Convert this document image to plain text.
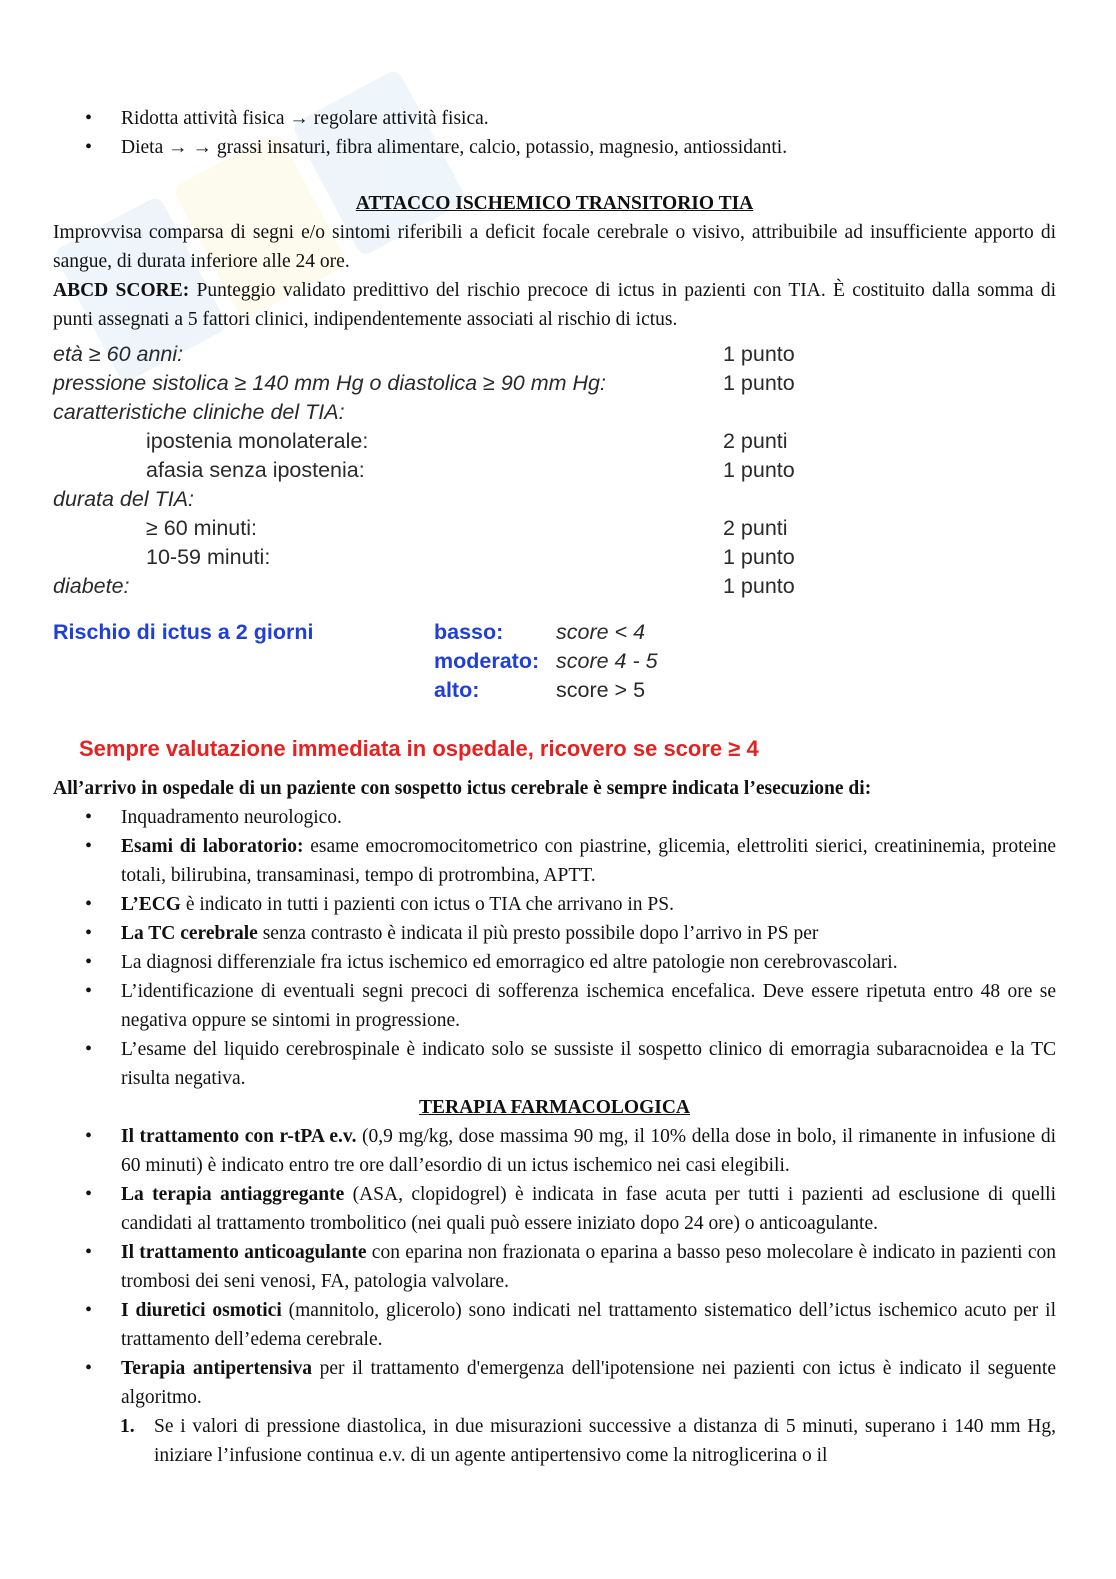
• Ridotta attività fisica → regolare attività fisica.
• Dieta → → grassi insaturi, fibra alimentare, calcio, potassio, magnesio, antiossidanti.
ATTACCO ISCHEMICO TRANSITORIO TIA

Improvvisa comparsa di segni e/o sintomi riferibili a deficit focale cerebrale o visivo, attribuibile ad insufficiente apporto di sangue, di durata inferiore alle 24 ore.

ABCD SCORE: Punteggio validato predittivo del rischio precoce di ictus in pazienti con TIA. È costituito dalla somma di punti assegnati a 5 fattori clinici, indipendentemente associati al rischio di ictus.

età ≥ 60 anni:	1 punto
pressione sistolica ≥ 140 mm Hg o diastolica ≥ 90 mm Hg:	1 punto
caratteristiche cliniche del TIA:
ipostenia monolaterale:	2 punti
afasia senza ipostenia:	1 punto
durata del TIA:
≥ 60 minuti:	2 punti
10-59 minuti:	1 punto
diabete:	1 punto
Rischio di ictus a 2 giorni	basso: score < 4
moderato: score 4 - 5
alto:	score > 5
Sempre valutazione immediata in ospedale, ricovero se score ≥ 4

All’arrivo in ospedale di un paziente con sospetto ictus cerebrale è sempre indicata l’esecuzione di:

• Inquadramento neurologico.
• Esami di laboratorio: esame emocromocitometrico con piastrine, glicemia, elettroliti sierici, creatininemia, proteine totali, bilirubina, transaminasi, tempo di protrombina, APTT.
• L’ECG è indicato in tutti i pazienti con ictus o TIA che arrivano in PS.
• La TC cerebrale senza contrasto è indicata il più presto possibile dopo l’arrivo in PS per
• La diagnosi differenziale fra ictus ischemico ed emorragico ed altre patologie non cerebrovascolari.
• L’identificazione di eventuali segni precoci di sofferenza ischemica encefalica. Deve essere ripetuta entro 48 ore se negativa oppure se sintomi in progressione.
• L’esame del liquido cerebrospinale è indicato solo se sussiste il sospetto clinico di emorragia subaracnoidea e la TC risulta negativa.
TERAPIA FARMACOLOGICA
• Il trattamento con r-tPA e.v. (0,9 mg/kg, dose massima 90 mg, il 10% della dose in bolo, il rimanente in infusione di 60 minuti) è indicato entro tre ore dall’esordio di un ictus ischemico nei casi elegibili.
• La terapia antiaggregante (ASA, clopidogrel) è indicata in fase acuta per tutti i pazienti ad esclusione di quelli candidati al trattamento trombolitico (nei quali può essere iniziato dopo 24 ore) o anticoagulante.
• Il trattamento anticoagulante con eparina non frazionata o eparina a basso peso molecolare è indicato in pazienti con trombosi dei seni venosi, FA, patologia valvolare.
• I diuretici osmotici (mannitolo, glicerolo) sono indicati nel trattamento sistematico dell’ictus ischemico acuto per il trattamento dell’edema cerebrale.
• Terapia antipertensiva per il trattamento d'emergenza dell'ipotensione nei pazienti con ictus è indicato il seguente algoritmo.
1. Se i valori di pressione diastolica, in due misurazioni successive a distanza di 5 minuti, superano i 140 mm Hg, iniziare l’infusione continua e.v. di un agente antipertensivo come la nitroglicerina o il
